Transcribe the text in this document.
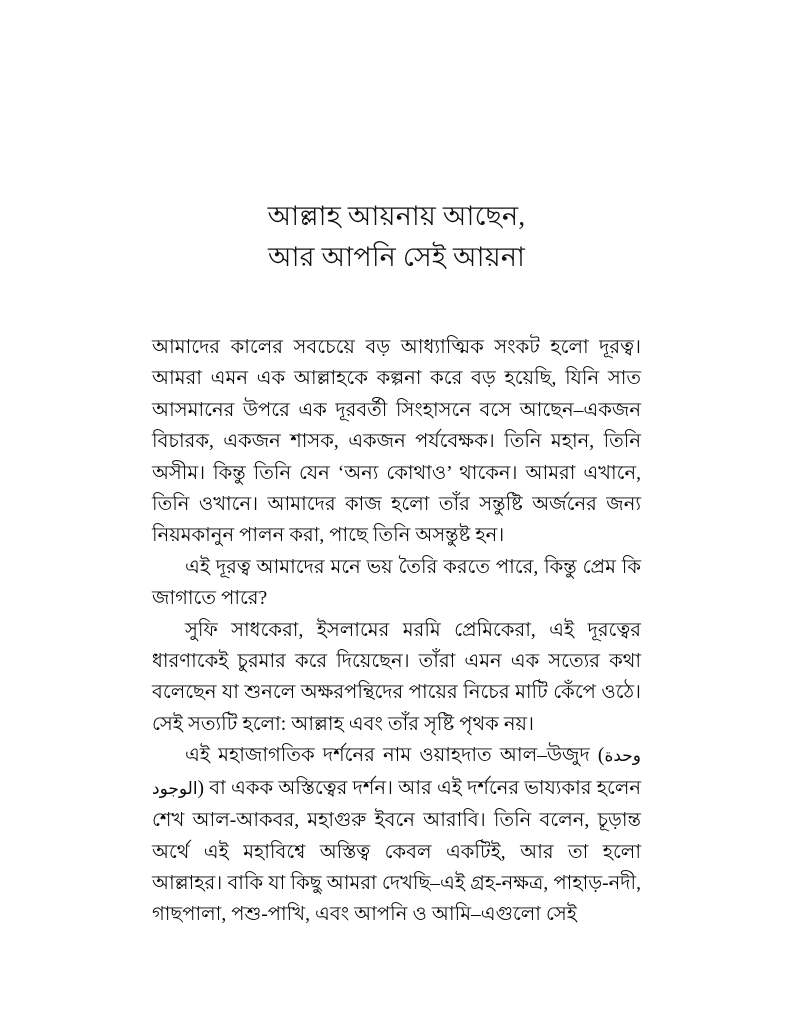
আল্লাহ আয়নায় আছেন,
আর আপনি সেই আয়না

আমাদের কালের সবচেয়ে বড় আধ্যাত্মিক সংকট হলো দূরত্ব। আমরা এমন এক আল্লাহকে কল্পনা করে বড় হয়েছি, যিনি সাত আসমানের উপরে এক দূরবর্তী সিংহাসনে বসে আছেন–একজন বিচারক, একজন শাসক, একজন পর্যবেক্ষক। তিনি মহান, তিনি অসীম। কিন্তু তিনি যেন ‘অন্য কোথাও’ থাকেন। আমরা এখানে, তিনি ওখানে। আমাদের কাজ হলো তাঁর সন্তুষ্টি অর্জনের জন্য নিয়মকানুন পালন করা, পাছে তিনি অসন্তুষ্ট হন।

এই দূরত্ব আমাদের মনে ভয় তৈরি করতে পারে, কিন্তু প্রেম কি জাগাতে পারে?

সুফি সাধকেরা, ইসলামের মরমি প্রেমিকেরা, এই দূরত্বের ধারণাকেই চুরমার করে দিয়েছেন। তাঁরা এমন এক সত্যের কথা বলেছেন যা শুনলে অক্ষরপন্থিদের পায়ের নিচের মাটি কেঁপে ওঠে। সেই সত্যটি হলো: আল্লাহ এবং তাঁর সৃষ্টি পৃথক নয়।

এই মহাজাগতিক দর্শনের নাম ওয়াহদাত আল–উজুদ (وحدة الوجود) বা একক অস্তিত্বের দর্শন। আর এই দর্শনের ভায্যকার হলেন শেখ আল-আকবর, মহাগুরু ইবনে আরাবি। তিনি বলেন, চূড়ান্ত অর্থে এই মহাবিশ্বে অস্তিত্ব কেবল একটিই, আর তা হলো আল্লাহর। বাকি যা কিছু আমরা দেখছি–এই গ্রহ-নক্ষত্র, পাহাড়-নদী, গাছপালা, পশু-পাখি, এবং আপনি ও আমি–এগুলো সেই
